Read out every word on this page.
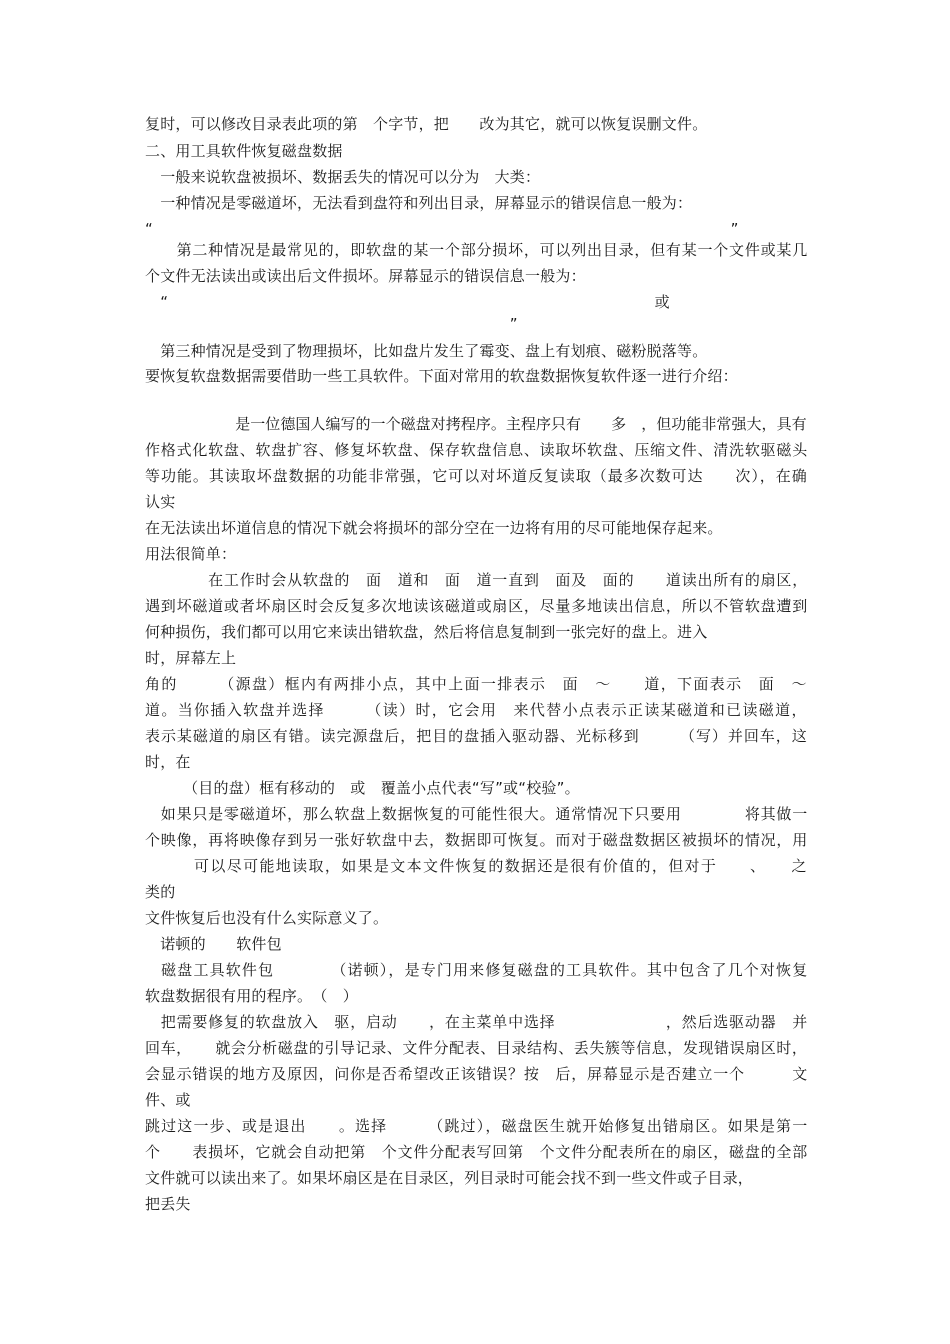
复时，可以修改目录表此项的第　个字节，把　　改为其它，就可以恢复误删文件。
二、用工具软件恢复磁盘数据
　一般来说软盘被损坏、数据丢失的情况可以分为　大类：
　一种情况是零磁道坏，无法看到盘符和列出目录，屏幕显示的错误信息一般为：
“　　　　　　　　　　　　　　　　　　　　　　　　　　　　　　　　　　　　　　”
　　第二种情况是最常见的，即软盘的某一个部分损坏，可以列出目录，但有某一个文件或某几
个文件无法读出或读出后文件损坏。屏幕显示的错误信息一般为：
　“　　　　　　　　　　　　　　　　　　　　　　　　　　　　　　　　或
　　　　　　　　　　　　　　　　　　　　　　　　”
　第三种情况是受到了物理损坏，比如盘片发生了霉变、盘上有划痕、磁粉脱落等。
要恢复软盘数据需要借助一些工具软件。下面对常用的软盘数据恢复软件逐一进行介绍：
　　　　　　是一位德国人编写的一个磁盘对拷程序。主程序只有　　多　，但功能非常强大，具有
作格式化软盘、软盘扩容、修复坏软盘、保存软盘信息、读取坏软盘、压缩文件、清洗软驱磁头
等功能。其读取坏盘数据的功能非常强，它可以对坏道反复读取（最多次数可达　　次），在确
认实
在无法读出坏道信息的情况下就会将损坏的部分空在一边将有用的尽可能地保存起来。
用法很简单：
　　　　在工作时会从软盘的　面　道和　面　道一直到　面及　面的　　道读出所有的扇区，
遇到坏磁道或者坏扇区时会反复多次地读该磁道或扇区，尽量多地读出信息，所以不管软盘遭到
何种损伤，我们都可以用它来读出错软盘，然后将信息复制到一张完好的盘上。进入
时，屏幕左上
角的　　　（源盘）框内有两排小点，其中上面一排表示　面　～　　道，下面表示　面　～
道。当你插入软盘并选择　　　（读）时，它会用　来代替小点表示正读某磁道和已读磁道，
表示某磁道的扇区有错。读完源盘后，把目的盘插入驱动器、光标移到　　　（写）并回车，这
时，在
　　　（目的盘）框有移动的　或　覆盖小点代表“写”或“校验”。
　如果只是零磁道坏，那么软盘上数据恢复的可能性很大。通常情况下只要用　　　　将其做一
个映像，再将映像存到另一张好软盘中去，数据即可恢复。而对于磁盘数据区被损坏的情况，用
　　　可以尽可能地读取，如果是文本文件恢复的数据还是很有价值的，但对于　　、　　之
类的
文件恢复后也没有什么实际意义了。
　诺顿的　　软件包
　磁盘工具软件包　　　　（诺顿），是专门用来修复磁盘的工具软件。其中包含了几个对恢复
软盘数据很有用的程序。　（　）
　把需要修复的软盘放入　驱，启动　　，在主菜单中选择　　　　　　　，然后选驱动器　并
回车，　　就会分析磁盘的引导记录、文件分配表、目录结构、丢失簇等信息，发现错误扇区时，
会显示错误的地方及原因，问你是否希望改正该错误？按　后，屏幕显示是否建立一个　　　文
件、或
跳过这一步、或是退出　　。选择　　　（跳过），磁盘医生就开始修复出错扇区。如果是第一
个　　表损坏，它就会自动把第　个文件分配表写回第　个文件分配表所在的扇区，磁盘的全部
文件就可以读出来了。如果坏扇区是在目录区，列目录时可能会找不到一些文件或子目录，
把丢失
